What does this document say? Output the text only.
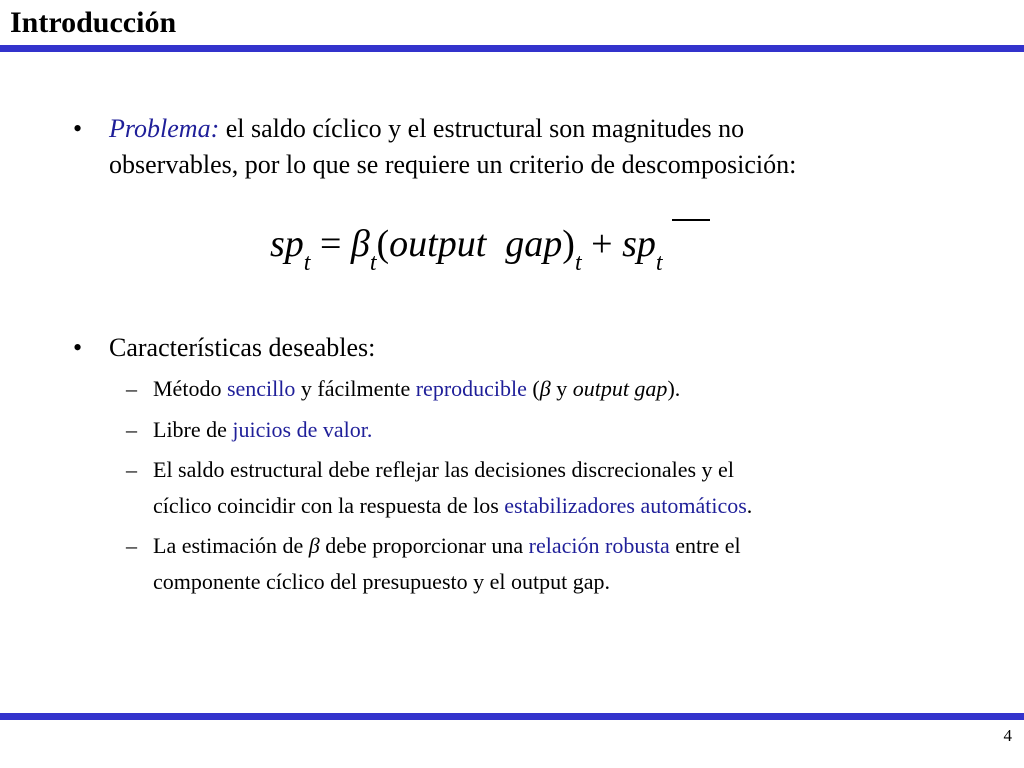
Introducción
• Problema: el saldo cíclico y el estructural son magnitudes no
observables, por lo que se requiere un criterio de descomposición:
$sp_t$ = $\beta_t(output$ $gap)_t + sp_t$
• Características deseables:
– Método sencillo y fácilmente reproducible (β y output gap).
– Libre de juicios de valor.
– El saldo estructural debe reflejar las decisiones discrecionales y el
cíclico coincidir con la respuesta de los estabilizadores automáticos.
– La estimación de β debe proporcionar una relación robusta entre el
componente cíclico del presupuesto y el output gap.
4
